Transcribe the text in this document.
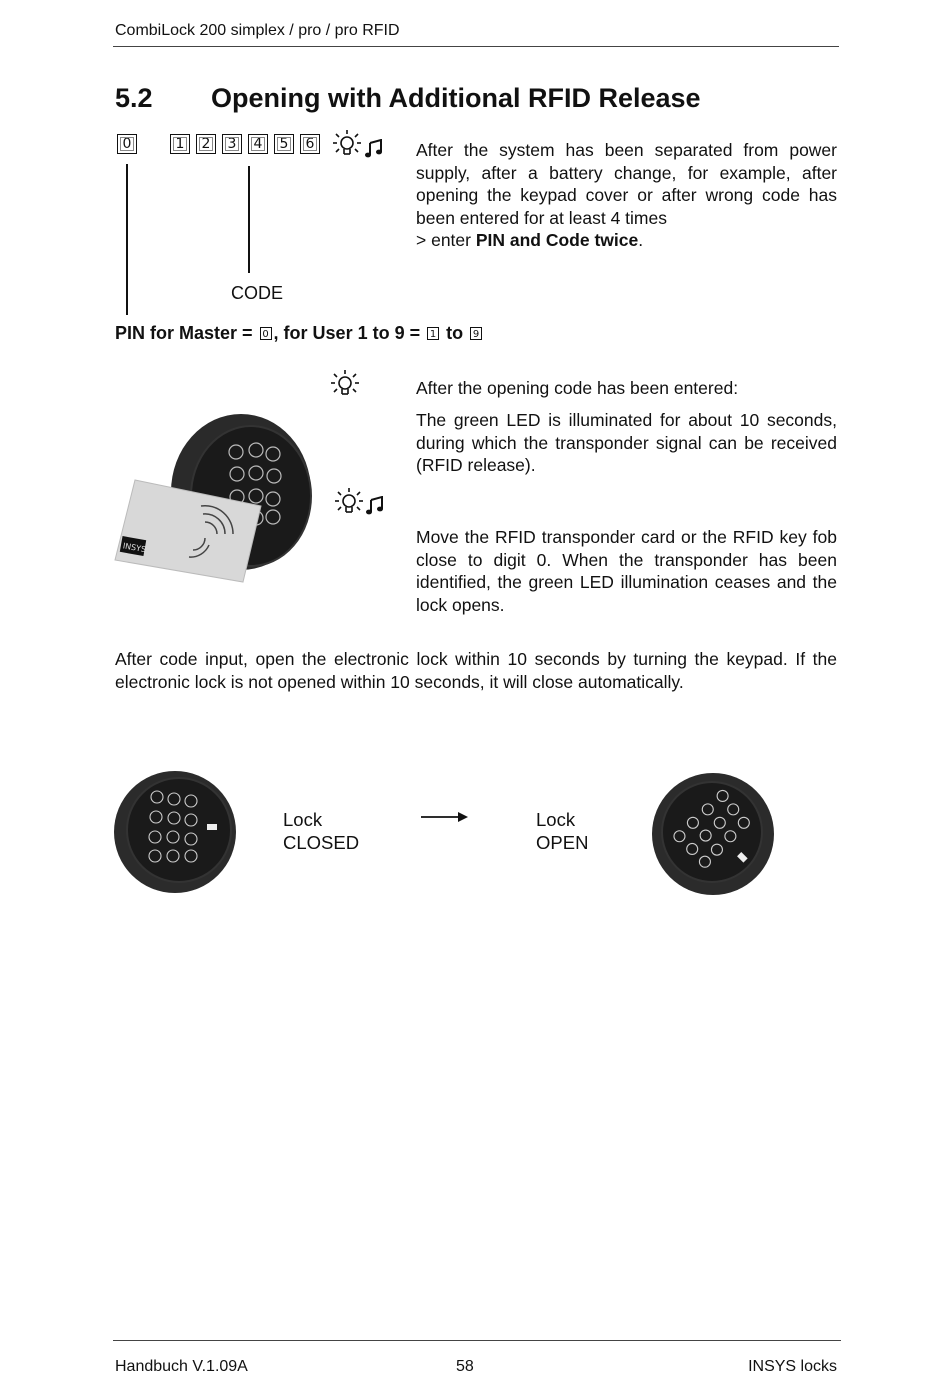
CombiLock 200 simplex / pro / pro RFID
5.2 Opening with Additional RFID Release
0	1	2	3	4	5	6
CODE
PIN for Master = 0 , for User 1 to 9 = 1 to 9
After the system has been separated from power supply, after a battery change, for example, after opening the keypad cover or after wrong code has been entered for at least 4 times
> enter PIN and Code twice.
After the opening code has been entered:
The green LED is illuminated for about 10 seconds, during which the transponder signal can be received (RFID release).
INSYS
Move the RFID transponder card or the RFID key fob close to digit 0. When the transponder has been identified, the green LED illumination ceases and the lock opens.
After code input, open the electronic lock within 10 seconds by turning the keypad. If the electronic lock is not opened within 10 seconds, it will close automatically.
Lock
CLOSED
Lock
OPEN
Handbuch V.1.09A	58	INSYS locks
